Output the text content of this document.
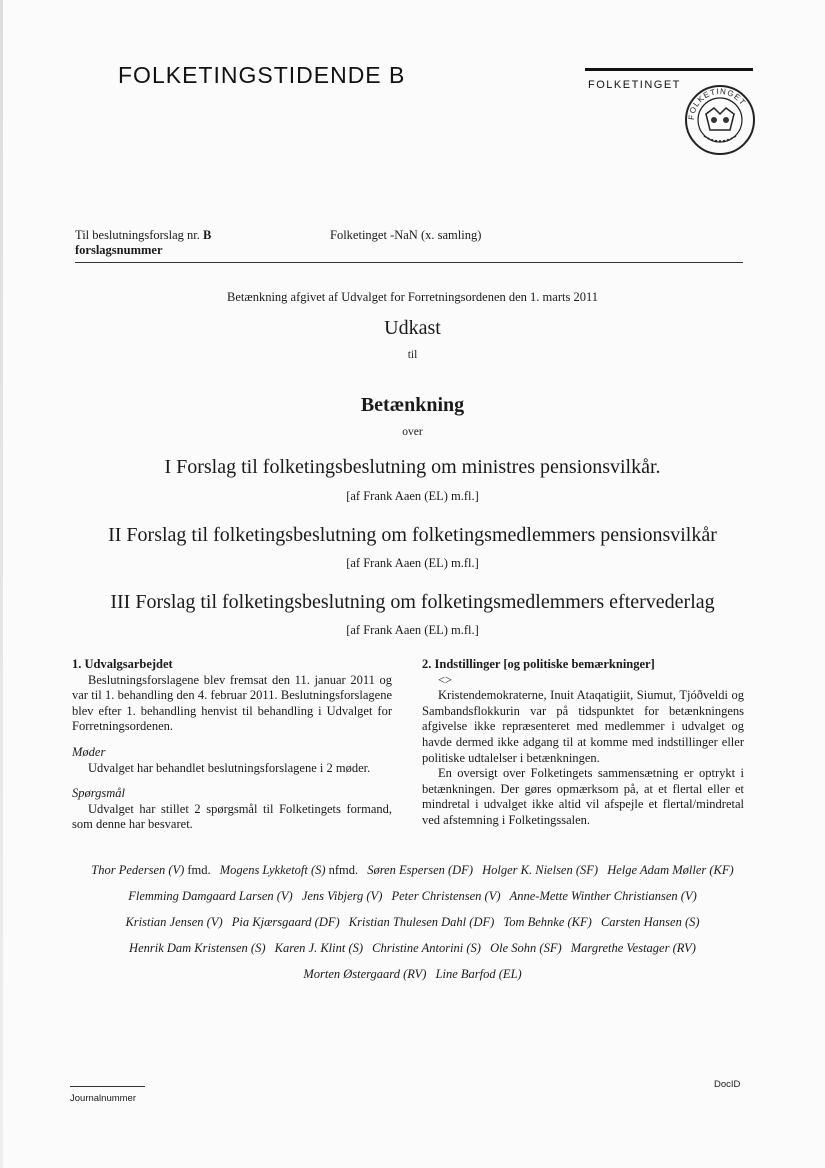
FOLKETINGSTIDENDE B	FOLKETINGET
FOLKETINGET
Til beslutningsforslag nr. B
forslagsnummer
Folketinget -NaN (x. samling)
Betænkning afgivet af Udvalget for Forretningsordenen den 1. marts 2011
Udkast
til
Betænkning
over
I Forslag til folketingsbeslutning om ministres pensionsvilkår.
[af Frank Aaen (EL) m.fl.]
II Forslag til folketingsbeslutning om folketingsmedlemmers pensionsvilkår
[af Frank Aaen (EL) m.fl.]
III Forslag til folketingsbeslutning om folketingsmedlemmers eftervederlag
[af Frank Aaen (EL) m.fl.]
1. Udvalgsarbejdet

Beslutningsforslagene blev fremsat den 11. januar 2011 og var til 1. behandling den 4. februar 2011. Beslutningsforslagene blev efter 1. behandling henvist til behandling i Udvalget for Forretningsordenen.

Møder

Udvalget har behandlet beslutningsforslagene i 2 møder.

Spørgsmål

Udvalget har stillet 2 spørgsmål til Folketingets formand, som denne har besvaret.

2. Indstillinger [og politiske bemærkninger]
<>

Kristendemokraterne, Inuit Ataqatigiit, Siumut, Tjóðveldi og Sambandsflokkurin var på tidspunktet for betænkningens afgivelse ikke repræsenteret med medlemmer i udvalget og havde dermed ikke adgang til at komme med indstillinger eller politiske udtalelser i betænkningen.

En oversigt over Folketingets sammensætning er optrykt i betænkningen. Der gøres opmærksom på, at et flertal eller et mindretal i udvalget ikke altid vil afspejle et flertal/mindretal ved afstemning i Folketingssalen.

Thor Pedersen (V) fmd. Mogens Lykketoft (S) nfmd. Søren Espersen (DF) Holger K. Nielsen (SF) Helge Adam Møller (KF)
Flemming Damgaard Larsen (V) Jens Vibjerg (V) Peter Christensen (V) Anne-Mette Winther Christiansen (V)
Kristian Jensen (V) Pia Kjærsgaard (DF) Kristian Thulesen Dahl (DF) Tom Behnke (KF) Carsten Hansen (S)
Henrik Dam Kristensen (S) Karen J. Klint (S) Christine Antorini (S) Ole Sohn (SF) Margrethe Vestager (RV)
Morten Østergaard (RV) Line Barfod (EL)
Journalnummer
DocID
